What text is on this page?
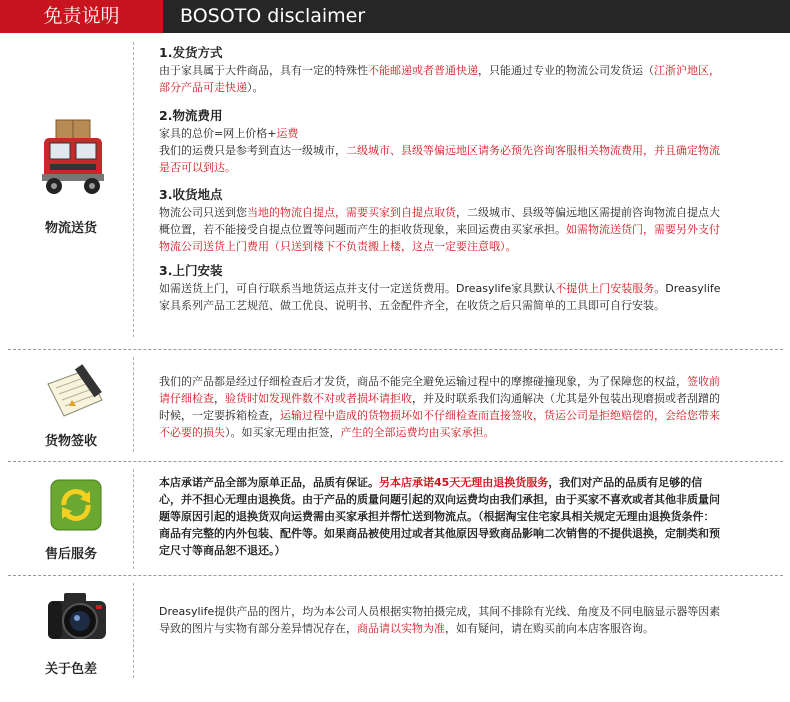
免责说明	BOSOTO disclaimer
物流送货

1.发货方式

由于家具属于大件商品，具有一定的特殊性不能邮递或者普通快递，只能通过专业的物流公司发货运（江浙沪地区，部分产品可走快递）。

2.物流费用

家具的总价=网上价格+运费

我们的运费只是参考到直达一级城市，二级城市、县级等偏远地区请务必预先咨询客服相关物流费用，并且确定物流是否可以到达。

3.收货地点

物流公司只送到您当地的物流自提点，需要买家到自提点取货，二级城市、县级等偏远地区需提前咨询物流自提点大概位置，若不能接受自提点位置等问题而产生的拒收货现象，来回运费由买家承担。如需物流送货门，需要另外支付物流公司送货上门费用（只送到楼下不负责搬上楼，这点一定要注意哦）。

3.上门安装

如需送货上门，可自行联系当地货运点并支付一定送货费用。Dreasylife家具默认不提供上门安装服务。Dreasylife家具系列产品工艺规范、做工优良、说明书、五金配件齐全，在收货之后只需简单的工具即可自行安装。

货物签收

我们的产品都是经过仔细检查后才发货，商品不能完全避免运输过程中的摩擦碰撞现象，为了保障您的权益，签收前请仔细检查，验货时如发现件数不对或者损坏请拒收，并及时联系我们沟通解决（尤其是外包装出现磨损或者刮蹭的时候，一定要拆箱检查，运输过程中造成的货物损坏如不仔细检查而直接签收，货运公司是拒绝赔偿的，会给您带来不必要的损失）。如买家无理由拒签，产生的全部运费均由买家承担。

售后服务

本店承诺产品全部为原单正品，品质有保证。另本店承诺45天无理由退换货服务，我们对产品的品质有足够的信心，并不担心无理由退换货。由于产品的质量问题引起的双向运费均由我们承担，由于买家不喜欢或者其他非质量问题等原因引起的退换货双向运费需由买家承担并帮忙送到物流点。（根据淘宝住宅家具相关规定无理由退换货条件：商品有完整的内外包装、配件等。如果商品被使用过或者其他原因导致商品影响二次销售的不提供退换，定制类和预定尺寸等商品恕不退还。）

关于色差

Dreasylife提供产品的图片，均为本公司人员根据实物拍摄完成，其间不排除有光线、角度及不同电脑显示器等因素导致的图片与实物有部分差异情况存在，商品请以实物为准，如有疑问，请在购买前向本店客服咨询。
